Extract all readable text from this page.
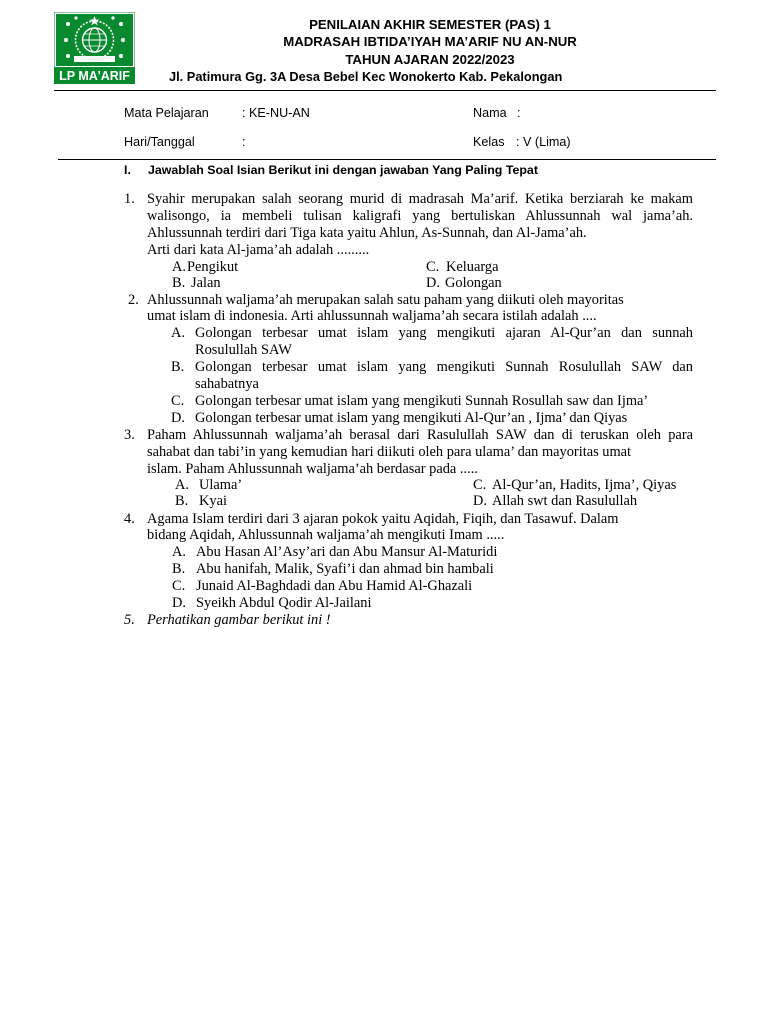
· · · · · ·
LP MA'ARIF
PENILAIAN AKHIR SEMESTER (PAS) 1
MADRASAH IBTIDA’IYAH MA’ARIF NU AN-NUR
TAHUN AJARAN 2022/2023
Jl. Patimura Gg. 3A Desa Bebel Kec Wonokerto Kab. Pekalongan
Mata Pelajaran	: KE-NU-AN	Nama :
Hari/Tanggal	:	Kelas : V (Lima)
I. Jawablah Soal Isian Berikut ini dengan jawaban Yang Paling Tepat
1. Syahir merupakan salah seorang murid di madrasah Ma’arif. Ketika berziarah ke makam walisongo, ia membeli tulisan kaligrafi yang bertuliskan Ahlussunnah wal jama’ah. Ahlussunnah terdiri dari Tiga kata yaitu Ahlun, As-Sunnah, dan Al-Jama’ah.
Arti dari kata Al-jama’ah adalah .........
A.Pengikut
B. Jalan
C. Keluarga
D. Golongan
2. Ahlussunnah waljama’ah merupakan salah satu paham yang diikuti oleh mayoritas
umat islam di indonesia. Arti ahlussunnah waljama’ah secara istilah adalah ....
A. Golongan terbesar umat islam yang mengikuti ajaran Al-Qur’an dan sunnah Rosulullah SAW
B. Golongan terbesar umat islam yang mengikuti Sunnah Rosulullah SAW dan sahabatnya
C. Golongan terbesar umat islam yang mengikuti Sunnah Rosullah saw dan Ijma’
D. Golongan terbesar umat islam yang mengikuti Al-Qur’an , Ijma’ dan Qiyas
3. Paham Ahlussunnah waljama’ah berasal dari Rasulullah SAW dan di teruskan oleh para sahabat dan tabi’in yang kemudian hari diikuti oleh para ulama’ dan mayoritas umat
islam. Paham Ahlussunnah waljama’ah berdasar pada .....
A. Ulama’
B. Kyai
C. Al-Qur’an, Hadits, Ijma’, Qiyas
D. Allah swt dan Rasulullah
4. Agama Islam terdiri dari 3 ajaran pokok yaitu Aqidah, Fiqih, dan Tasawuf. Dalam
bidang Aqidah, Ahlussunnah waljama’ah mengikuti Imam .....
A. Abu Hasan Al’Asy’ari dan Abu Mansur Al-Maturidi
B. Abu hanifah, Malik, Syafi’i dan ahmad bin hambali
C. Junaid Al-Baghdadi dan Abu Hamid Al-Ghazali
D. Syeikh Abdul Qodir Al-Jailani
5. Perhatikan gambar berikut ini !
